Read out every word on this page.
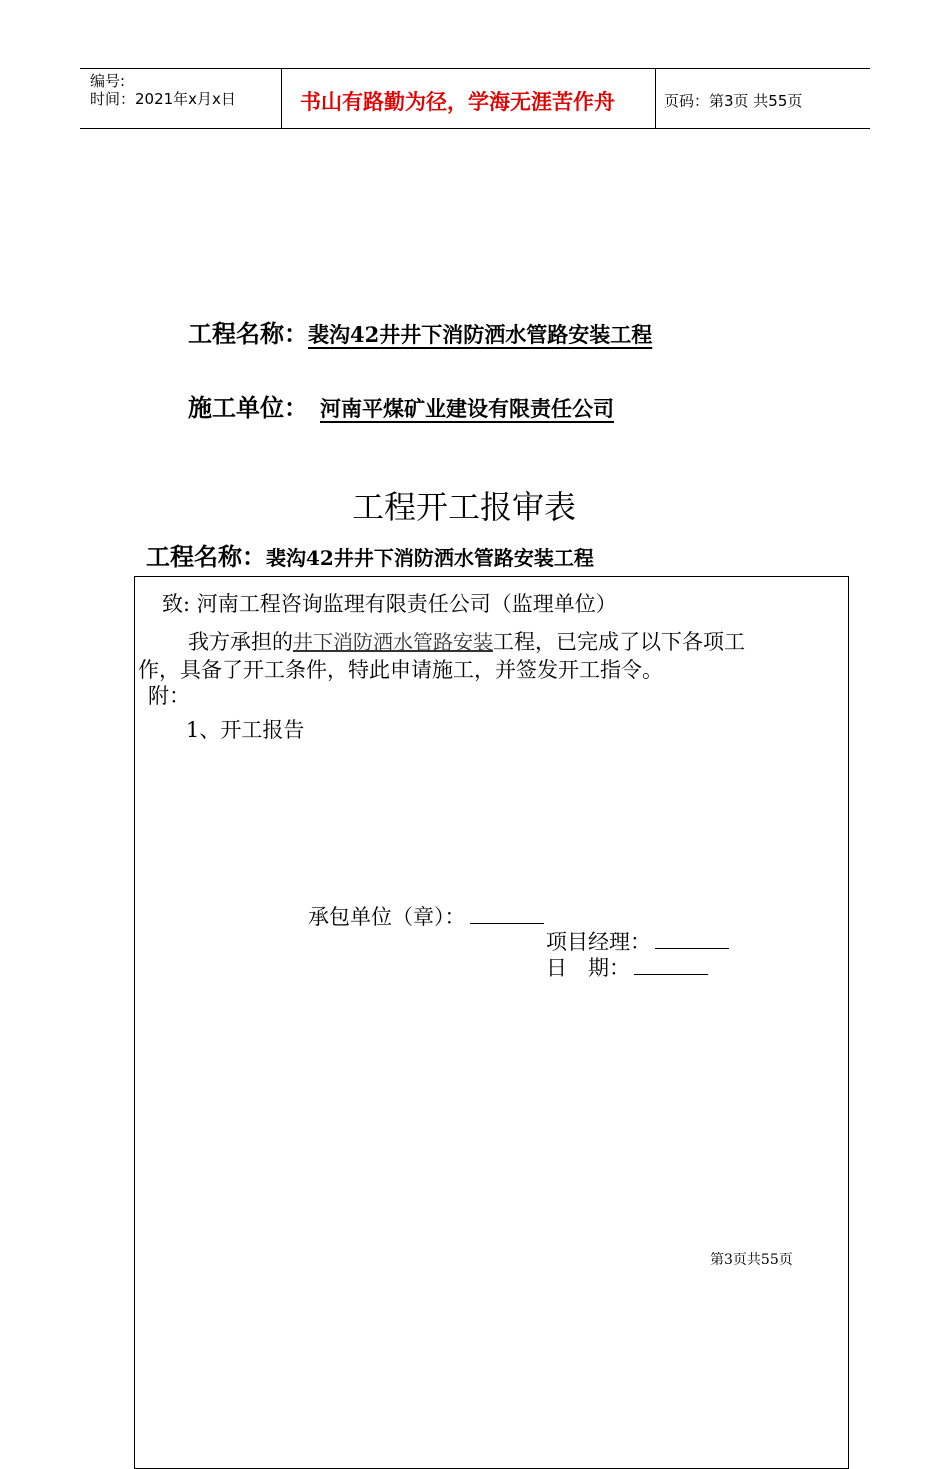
编号:
时间：2021年x月x日	书山有路勤为径，学海无涯苦作舟	页码：第3页 共55页
工程名称：裴沟42井井下消防洒水管路安装工程
施工单位： 河南平煤矿业建设有限责任公司
工程开工报审表
工程名称：裴沟42井井下消防洒水管路安装工程
致: 河南工程咨询监理有限责任公司（监理单位）
我方承担的井下消防洒水管路安装工程，已完成了以下各项工
作，具备了开工条件，特此申请施工，并签发开工指令。
附：
1、开工报告
承包单位（章）：
项目经理：
日　期：
第3页共55页
